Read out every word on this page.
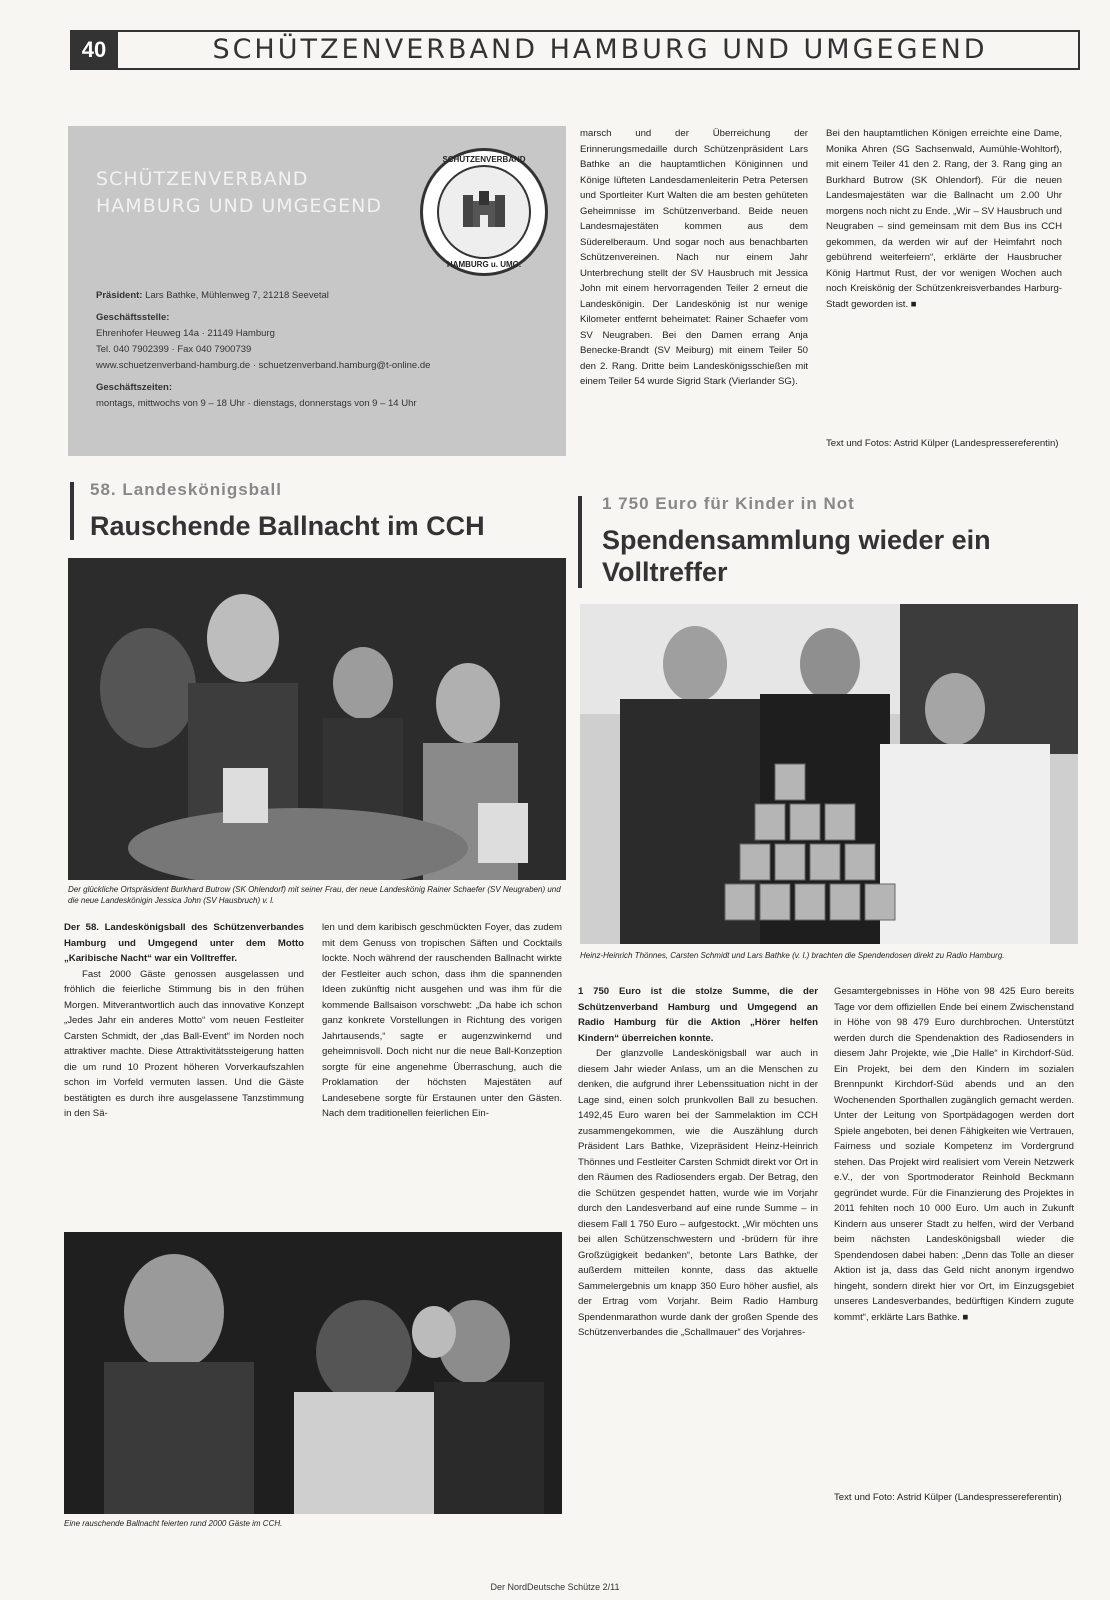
40	SCHÜTZENVERBAND HAMBURG UND UMGEGEND
SCHÜTZENVERBAND HAMBURG UND UMGEGEND
SCHÜTZENVERBAND
HAMBURG u. UMG.
Präsident: Lars Bathke, Mühlenweg 7, 21218 Seevetal
Geschäftsstelle:
Ehrenhofer Heuweg 14a · 21149 Hamburg
Tel. 040 7902399 · Fax 040 7900739
www.schuetzenverband-hamburg.de · schuetzenverband.hamburg@t-online.de
Geschäftszeiten:
montags, mittwochs von 9 – 18 Uhr · dienstags, donnerstags von 9 – 14 Uhr
marsch und der Überreichung der Erinnerungsmedaille durch Schützenpräsident Lars Bathke an die hauptamtlichen Königinnen und Könige lüfteten Landesdamenleiterin Petra Petersen und Sportleiter Kurt Walten die am besten gehüteten Geheimnisse im Schützenverband. Beide neuen Landesmajestäten kommen aus dem Süderelberaum. Und sogar noch aus benachbarten Schützenvereinen. Nach nur einem Jahr Unterbrechung stellt der SV Hausbruch mit Jessica John mit einem hervorragenden Teiler 2 erneut die Landeskönigin. Der Landeskönig ist nur wenige Kilometer entfernt beheimatet: Rainer Schaefer vom SV Neugraben. Bei den Damen errang Anja Benecke-Brandt (SV Meiburg) mit einem Teiler 50 den 2. Rang. Dritte beim Landeskönigsschießen mit einem Teiler 54 wurde Sigrid Stark (Vierlander SG).
Bei den hauptamtlichen Königen erreichte eine Dame, Monika Ahren (SG Sachsenwald, Aumühle-Wohltorf), mit einem Teiler 41 den 2. Rang, der 3. Rang ging an Burkhard Butrow (SK Ohlendorf). Für die neuen Landesmajestäten war die Ballnacht um 2.00 Uhr morgens noch nicht zu Ende. „Wir – SV Hausbruch und Neugraben – sind gemeinsam mit dem Bus ins CCH gekommen, da werden wir auf der Heimfahrt noch gebührend weiterfeiern“, erklärte der Hausbrucher König Hartmut Rust, der vor wenigen Wochen auch noch Kreiskönig der Schützenkreisverbandes Harburg-Stadt geworden ist. ■
Text und Fotos: Astrid Külper (Landespressereferentin)
58. Landeskönigsball
Rauschende Ballnacht im CCH
Der glückliche Ortspräsident Burkhard Butrow (SK Ohlendorf) mit seiner Frau, der neue Landeskönig Rainer Schaefer (SV Neugraben) und die neue Landeskönigin Jessica John (SV Hausbruch) v. l.

Der 58. Landeskönigsball des Schützenverbandes Hamburg und Umgegend unter dem Motto „Karibische Nacht“ war ein Volltreffer.

Fast 2000 Gäste genossen ausgelassen und fröhlich die feierliche Stimmung bis in den frühen Morgen. Mitverantwortlich auch das innovative Konzept „Jedes Jahr ein anderes Motto“ vom neuen Festleiter Carsten Schmidt, der „das Ball-Event“ im Norden noch attraktiver machte. Diese Attraktivitätssteigerung hatten die um rund 10 Prozent höheren Vorverkaufszahlen schon im Vorfeld vermuten lassen. Und die Gäste bestätigten es durch ihre ausgelassene Tanzstimmung in den Sä-

len und dem karibisch geschmückten Foyer, das zudem mit dem Genuss von tropischen Säften und Cocktails lockte. Noch während der rauschenden Ballnacht wirkte der Festleiter auch schon, dass ihm die spannenden Ideen zukünftig nicht ausgehen und was ihm für die kommende Ballsaison vorschwebt: „Da habe ich schon ganz konkrete Vorstellungen in Richtung des vorigen Jahrtausends,“ sagte er augenzwinkernd und geheimnisvoll. Doch nicht nur die neue Ball-Konzeption sorgte für eine angenehme Überraschung, auch die Proklamation der höchsten Majestäten auf Landesebene sorgte für Erstaunen unter den Gästen. Nach dem traditionellen feierlichen Ein-
Eine rauschende Ballnacht feierten rund 2000 Gäste im CCH.
1 750 Euro für Kinder in Not
Spendensammlung wieder ein Volltreffer
Heinz-Heinrich Thönnes, Carsten Schmidt und Lars Bathke (v. l.) brachten die Spendendosen direkt zu Radio Hamburg.

1 750 Euro ist die stolze Summe, die der Schützenverband Hamburg und Umgegend an Radio Hamburg für die Aktion „Hörer helfen Kindern“ überreichen konnte.

Der glanzvolle Landeskönigsball war auch in diesem Jahr wieder Anlass, um an die Menschen zu denken, die aufgrund ihrer Lebenssituation nicht in der Lage sind, einen solch prunkvollen Ball zu besuchen. 1492,45 Euro waren bei der Sammelaktion im CCH zusammengekommen, wie die Auszählung durch Präsident Lars Bathke, Vizepräsident Heinz-Heinrich Thönnes und Festleiter Carsten Schmidt direkt vor Ort in den Räumen des Radiosenders ergab. Der Betrag, den die Schützen gespendet hatten, wurde wie im Vorjahr durch den Landesverband auf eine runde Summe – in diesem Fall 1 750 Euro – aufgestockt. „Wir möchten uns bei allen Schützenschwestern und -brüdern für ihre Großzügigkeit bedanken“, betonte Lars Bathke, der außerdem mitteilen konnte, dass das aktuelle Sammelergebnis um knapp 350 Euro höher ausfiel, als der Ertrag vom Vorjahr. Beim Radio Hamburg Spendenmarathon wurde dank der großen Spende des Schützenverbandes die „Schallmauer“ des Vorjahres-

Gesamtergebnisses in Höhe von 98 425 Euro bereits Tage vor dem offiziellen Ende bei einem Zwischenstand in Höhe von 98 479 Euro durchbrochen. Unterstützt werden durch die Spendenaktion des Radiosenders in diesem Jahr Projekte, wie „Die Halle“ in Kirchdorf-Süd. Ein Projekt, bei dem den Kindern im sozialen Brennpunkt Kirchdorf-Süd abends und an den Wochenenden Sporthallen zugänglich gemacht werden. Unter der Leitung von Sportpädagogen werden dort Spiele angeboten, bei denen Fähigkeiten wie Vertrauen, Fairness und soziale Kompetenz im Vordergrund stehen. Das Projekt wird realisiert vom Verein Netzwerk e.V., der von Sportmoderator Reinhold Beckmann gegründet wurde. Für die Finanzierung des Projektes in 2011 fehlten noch 10 000 Euro. Um auch in Zukunft Kindern aus unserer Stadt zu helfen, wird der Verband beim nächsten Landeskönigsball wieder die Spendendosen dabei haben: „Denn das Tolle an dieser Aktion ist ja, dass das Geld nicht anonym irgendwo hingeht, sondern direkt hier vor Ort, im Einzugsgebiet unseres Landesverbandes, bedürftigen Kindern zugute kommt“, erklärte Lars Bathke. ■
Text und Foto: Astrid Külper (Landespressereferentin)
Der NordDeutsche Schütze 2/11
